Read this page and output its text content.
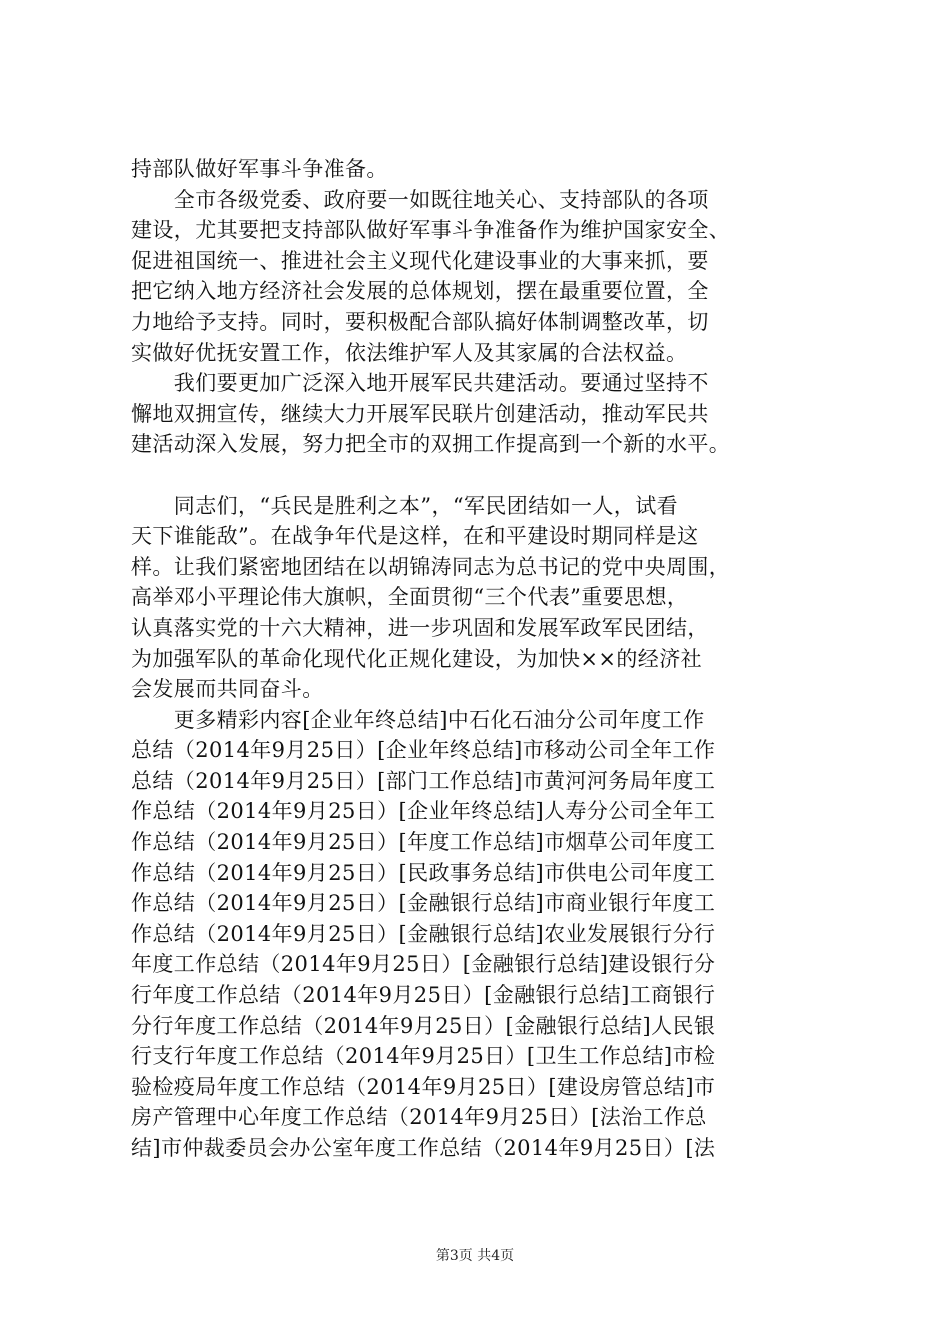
持部队做好军事斗争准备。
　　全市各级党委、政府要一如既往地关心、支持部队的各项
建设，尤其要把支持部队做好军事斗争准备作为维护国家安全、
促进祖国统一、推进社会主义现代化建设事业的大事来抓，要
把它纳入地方经济社会发展的总体规划，摆在最重要位置，全
力地给予支持。同时，要积极配合部队搞好体制调整改革，切
实做好优抚安置工作，依法维护军人及其家属的合法权益。
　　我们要更加广泛深入地开展军民共建活动。要通过坚持不
懈地双拥宣传，继续大力开展军民联片创建活动，推动军民共
建活动深入发展，努力把全市的双拥工作提高到一个新的水平。
　　同志们，“兵民是胜利之本”，“军民团结如一人，试看
天下谁能敌”。在战争年代是这样，在和平建设时期同样是这
样。让我们紧密地团结在以胡锦涛同志为总书记的党中央周围，
高举邓小平理论伟大旗帜，全面贯彻“三个代表”重要思想，
认真落实党的十六大精神，进一步巩固和发展军政军民团结，
为加强军队的革命化现代化正规化建设，为加快××的经济社
会发展而共同奋斗。
　　更多精彩内容[企业年终总结]中石化石油分公司年度工作
总结（2014年9月25日）[企业年终总结]市移动公司全年工作
总结（2014年9月25日）[部门工作总结]市黄河河务局年度工
作总结（2014年9月25日）[企业年终总结]人寿分公司全年工
作总结（2014年9月25日）[年度工作总结]市烟草公司年度工
作总结（2014年9月25日）[民政事务总结]市供电公司年度工
作总结（2014年9月25日）[金融银行总结]市商业银行年度工
作总结（2014年9月25日）[金融银行总结]农业发展银行分行
年度工作总结（2014年9月25日）[金融银行总结]建设银行分
行年度工作总结（2014年9月25日）[金融银行总结]工商银行
分行年度工作总结（2014年9月25日）[金融银行总结]人民银
行支行年度工作总结（2014年9月25日）[卫生工作总结]市检
验检疫局年度工作总结（2014年9月25日）[建设房管总结]市
房产管理中心年度工作总结（2014年9月25日）[法治工作总
结]市仲裁委员会办公室年度工作总结（2014年9月25日）[法
第3页 共4页
